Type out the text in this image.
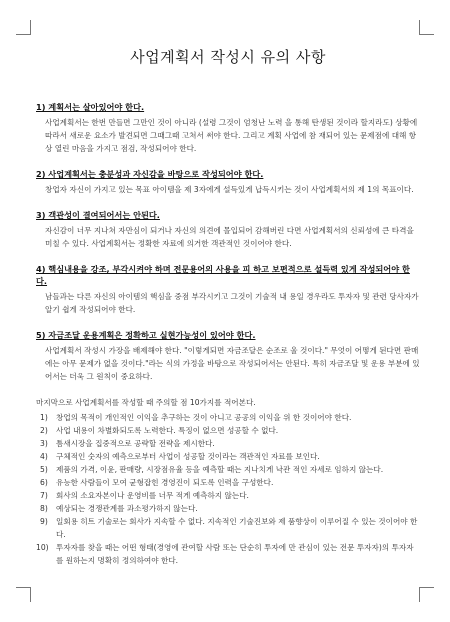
사업계획서 작성시 유의 사항

1) 계획서는 살아있어야 한다.

사업계획서는 한번 만들면 그만인 것이 아니라 (설령 그것이 엄청난 노력 을 통해 탄생된 것이라 할지라도) 상황에 따라서 새로운 요소가 발견되면 그때그때 고쳐서 써야 한다. 그리고 계획 사업에 참 재되어 있는 문제점에 대해 항상 열린 마음을 가지고 점검, 작성되어야 한다.

2) 사업계획서는 충분성과 자신감을 바탕으로 작성되어야 한다.

창업자 자신이 가지고 있는 목표 아이템을 제 3자에게 설득있게 납득시키는 것이 사업계획서의 제 1의 목표이다.

3) 객관성이 결여되어서는 안된다.

자신감이 너무 지나쳐 자만심이 되거나 자신의 의견에 몰입되어 감해버린 다면 사업계획서의 신뢰성에 큰 타격을 미칠 수 있다. 사업계획서는 정확한 자료에 의거한 객관적인 것이어야 한다.

4) 핵심내용을 강조, 부각시켜야 하며 전문용어의 사용을 피 하고 보편적으로 설득력 있게 작성되어야 한다.

남들과는 다른 자신의 아이템의 핵심을 중점 부각시키고 그것이 기술적 내 용일 경우라도 투자자 및 관련 당사자가 알기 쉽게 작성되어야 한다.

5) 자금조달 운용계획은 정확하고 실현가능성이 있어야 한다.

사업계획서 작성시 가장을 배제해야 한다. "이렇게되면 자금조달은 순조로 울 것이다." 무엇이 어떻게 된다면 판매에는 아무 문제가 없을 것이다."라는 식의 가정을 바탕으로 작성되어서는 안된다. 특히 자금조달 및 운용 부분에 있어서는 더욱 그 원칙이 중요하다.

마지막으로 사업계획서를 작성할 때 주의할 점 10가지를 적어본다.

1) 창업의 목적이 개인적인 이익을 추구하는 것이 아니고 공공의 이익을 위 한 것이어야 한다.
2) 사업 내용이 차별화되도록 노력한다. 특징이 없으면 성공할 수 없다.
3) 틈새시장을 집중적으로 공략할 전략을 제시한다.
4) 구체적인 숫자의 예측으로부터 사업이 성공할 것이라는 객관적인 자료를 보인다.
5) 제품의 가격, 이윤, 판매량, 시장점유율 등을 예측할 때는 지나치게 낙관 적인 자세로 임하지 않는다.
6) 유능한 사람들이 모여 균형잡힌 경영진이 되도록 인력을 구성한다.
7) 회사의 소요자본이나 운영비를 너무 적게 예측하지 않는다.
8) 예상되는 경쟁관계를 과소평가하지 않는다.
9) 일회용 히트 기술로는 회사가 지속할 수 없다. 지속적인 기술진보와 제 품향상이 이루어질 수 있는 것이어야 한다.
10) 투자자를 찾을 때는 어떤 형태(경영에 관여할 사람 또는 단순히 투자에 만 관심이 있는 전문 투자자)의 투자자를 원하는지 명확히 정의하여야 한다.
